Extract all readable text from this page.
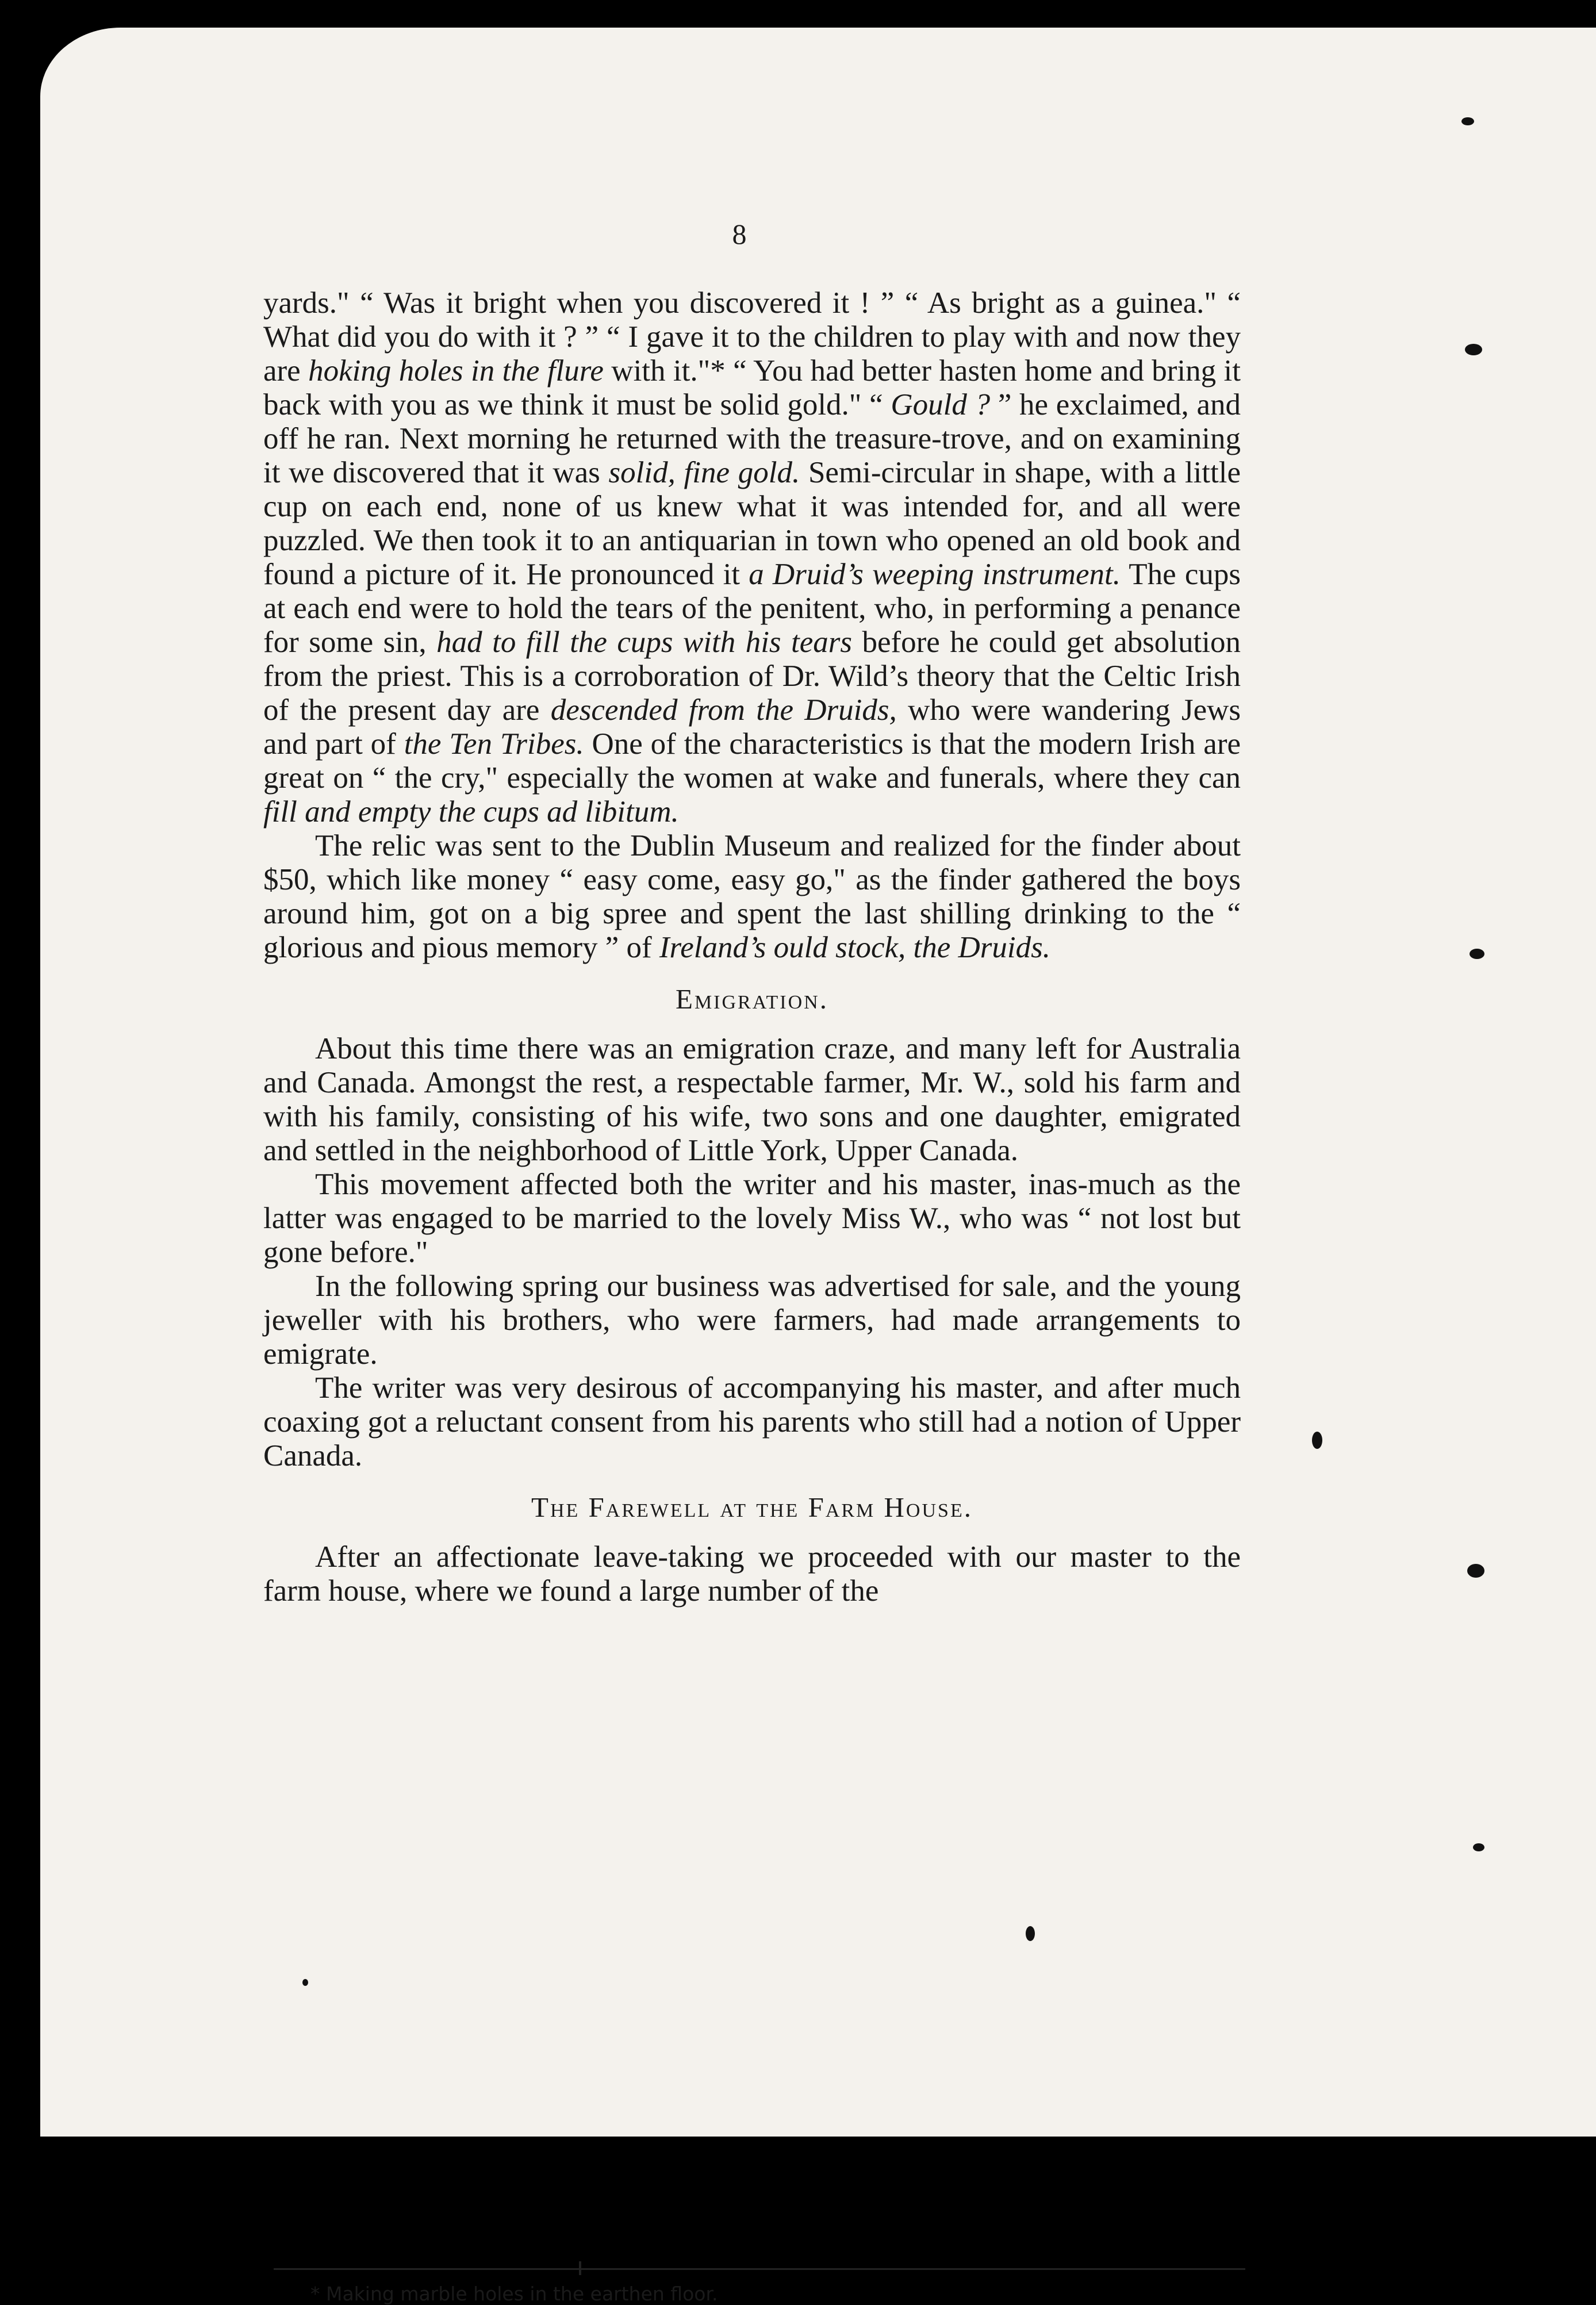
8

yards." “ Was it bright when you discovered it ! ” “ As bright as a guinea." “ What did you do with it ? ” “ I gave it to the children to play with and now they are hoking holes in the flure with it."* “ You had better hasten home and bring it back with you as we think it must be solid gold." “ Gould ? ” he exclaimed, and off he ran. Next morning he returned with the treasure-trove, and on examining it we discovered that it was solid, fine gold. Semi-circular in shape, with a little cup on each end, none of us knew what it was intended for, and all were puzzled. We then took it to an antiquarian in town who opened an old book and found a picture of it. He pronounced it a Druid’s weeping instrument. The cups at each end were to hold the tears of the penitent, who, in performing a penance for some sin, had to fill the cups with his tears before he could get absolution from the priest. This is a corroboration of Dr. Wild’s theory that the Celtic Irish of the present day are descended from the Druids, who were wandering Jews and part of the Ten Tribes. One of the characteristics is that the modern Irish are great on “ the cry," especially the women at wake and funerals, where they can fill and empty the cups ad libitum.

The relic was sent to the Dublin Museum and realized for the finder about $50, which like money “ easy come, easy go," as the finder gathered the boys around him, got on a big spree and spent the last shilling drinking to the “ glorious and pious memory ” of Ireland’s ould stock, the Druids.

Emigration.

About this time there was an emigration craze, and many left for Australia and Canada. Amongst the rest, a respectable farmer, Mr. W., sold his farm and with his family, consisting of his wife, two sons and one daughter, emigrated and settled in the neighborhood of Little York, Upper Canada.

This movement affected both the writer and his master, inas-much as the latter was engaged to be married to the lovely Miss W., who was “ not lost but gone before."

In the following spring our business was advertised for sale, and the young jeweller with his brothers, who were farmers, had made arrangements to emigrate.

The writer was very desirous of accompanying his master, and after much coaxing got a reluctant consent from his parents who still had a notion of Upper Canada.

The Farewell at the Farm House.

After an affectionate leave-taking we proceeded with our master to the farm house, where we found a large number of the

* Making marble holes in the earthen floor.
